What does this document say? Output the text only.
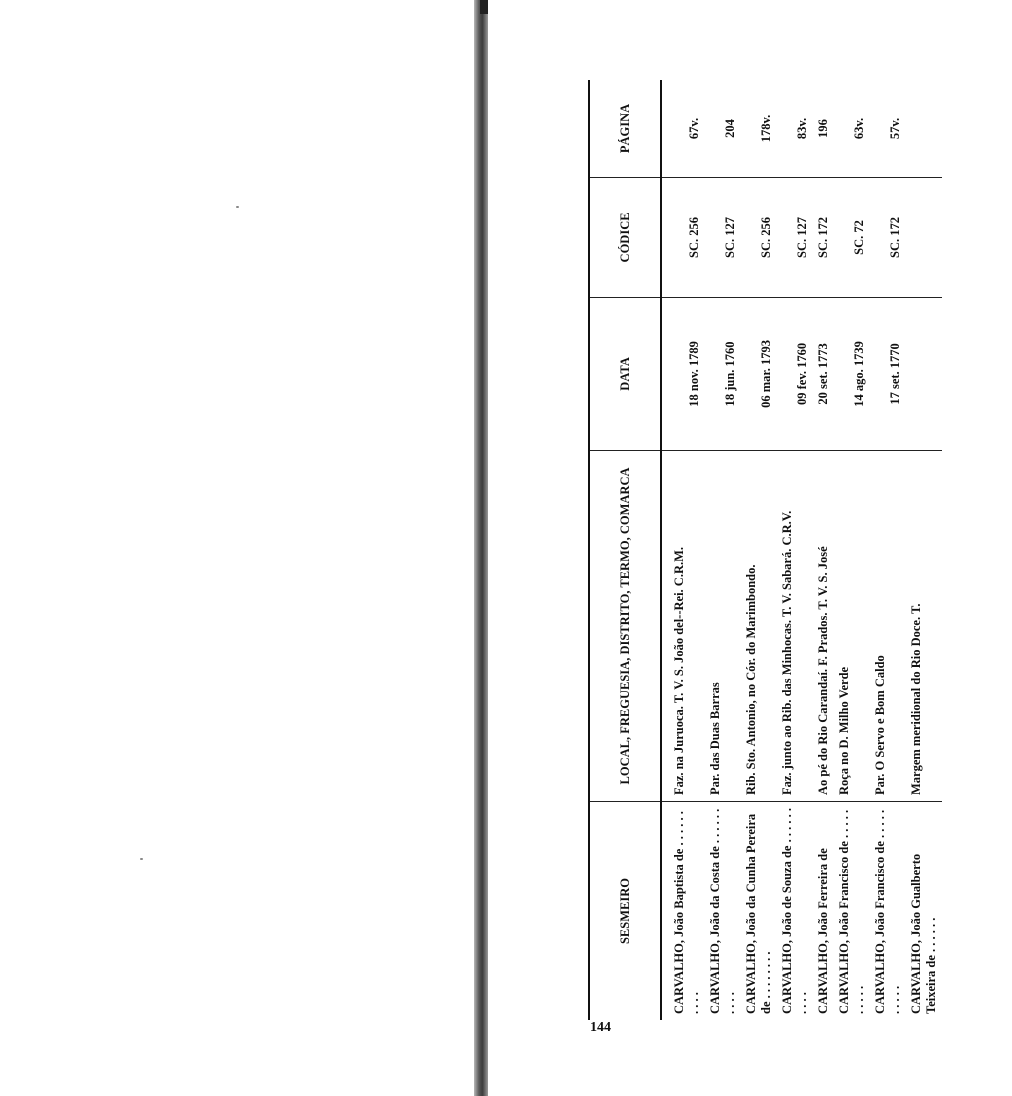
144
SESMEIRO	LOCAL, FREGUESIA, DISTRITO, TERMO, COMARCA	DATA	CÓDICE	PÁGINA
CARVALHO, João Baptista de . . . . . . . . . .	Faz. na Juruoca. T. V. S. João del--Rei. C.R.M.	18 nov. 1789	SC. 256	67v.
CARVALHO, João da Costa de . . . . . . . . . .	Par. das Duas Barras	18 jun. 1760	SC. 127	204
CARVALHO, João da Cunha Pereira de . . . . . . . .	Rib. Sto. Antonio, no Cór. do Marimbondo.	06 mar. 1793	SC. 256	178v.
CARVALHO, João de Souza de . . . . . . . . . .	Faz. junto ao Rib. das Minhocas. T. V. Sabará. C.R.V.	09 fev. 1760	SC. 127	83v.
CARVALHO, João Ferreira de	Ao pé do Rio Carandaí. F. Prados. T. V. S. José	20 set. 1773	SC. 172	196
CARVALHO, João Francisco de . . . . . . . . . .	Roça no D. Milho Verde	14 ago. 1739	SC. 72	63v.
CARVALHO, João Francisco de . . . . . . . . . .	Par. O Servo e Bom Caldo	17 set. 1770	SC. 172	57v.
CARVALHO, João Gualberto Teixeira de . . . . . .	Margem meridional do Rio Doce. T.			
